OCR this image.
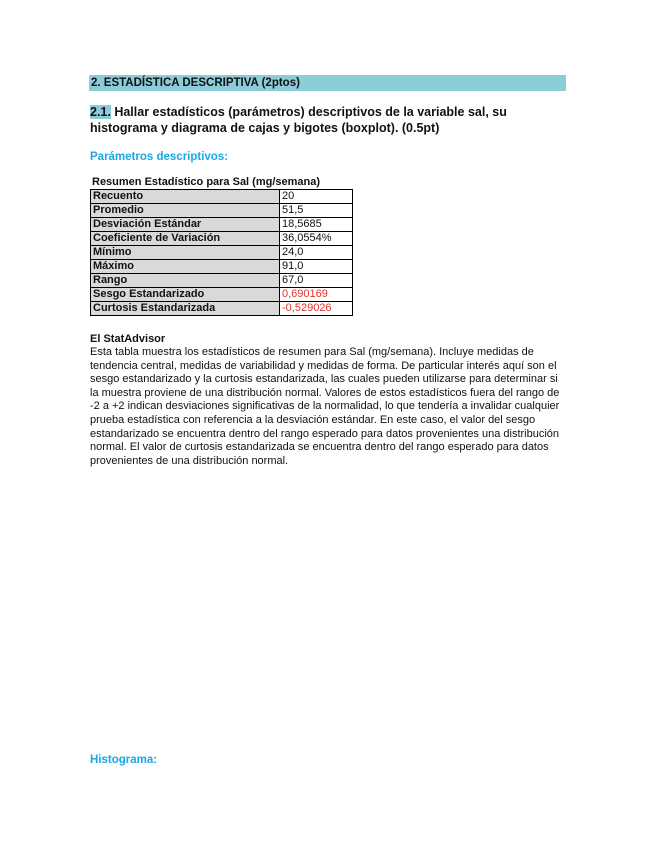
2. ESTADÍSTICA DESCRIPTIVA (2ptos)
2.1. Hallar estadísticos (parámetros) descriptivos de la variable sal, su histograma y diagrama de cajas y bigotes (boxplot). (0.5pt)
Parámetros descriptivos:
Resumen Estadístico para Sal (mg/semana)
Recuento	20
Promedio	51,5
Desviación Estándar	18,5685
Coeficiente de Variación	36,0554%
Mínimo	24,0
Máximo	91,0
Rango	67,0
Sesgo Estandarizado	0,690169
Curtosis Estandarizada	-0,529026
El StatAdvisor
Esta tabla muestra los estadísticos de resumen para Sal (mg/semana). Incluye medidas de tendencia central, medidas de variabilidad y medidas de forma. De particular interés aquí son el sesgo estandarizado y la curtosis estandarizada, las cuales pueden utilizarse para determinar si la muestra proviene de una distribución normal. Valores de estos estadísticos fuera del rango de -2 a +2 indican desviaciones significativas de la normalidad, lo que tendería a invalidar cualquier prueba estadística con referencia a la desviación estándar. En este caso, el valor del sesgo estandarizado se encuentra dentro del rango esperado para datos provenientes una distribución normal. El valor de curtosis estandarizada se encuentra dentro del rango esperado para datos provenientes de una distribución normal.
Histograma:
